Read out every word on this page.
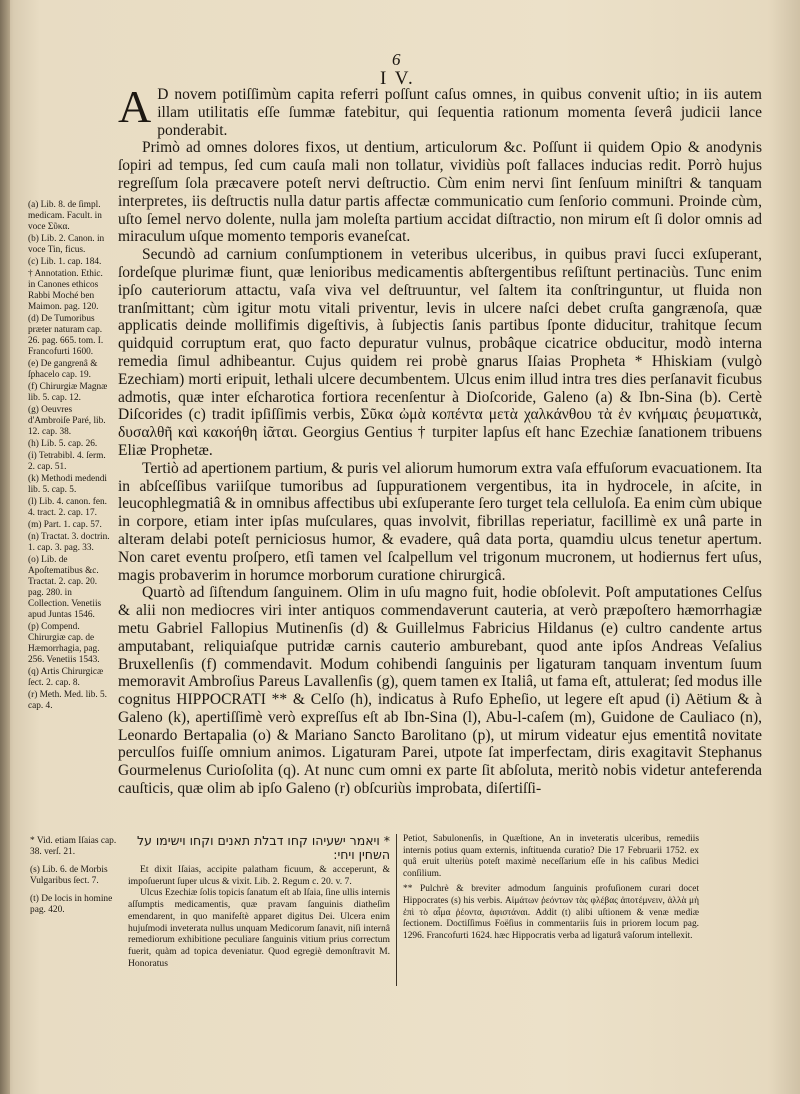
6
I V.
(a) Lib. 8. de ſimpl. medicam. Facult. in voce Σῦκα.
(b) Lib. 2. Canon. in voce Tin, ficus.
(c) Lib. 1. cap. 184.
† Annotation. Ethic. in Canones ethicos Rabbi Moché ben Maimon. pag. 120.
(d) De Tumoribus præter naturam cap. 26. pag. 665. tom. I. Francofurti 1600.
(e) De gangrenâ & ſphacelo cap. 19.
(f) Chirurgiæ Magnæ lib. 5. cap. 12.
(g) Oeuvres d'Ambroiſe Paré, lib. 12. cap. 38.
(h) Lib. 5. cap. 26.
(i) Tetrabibl. 4. ſerm. 2. cap. 51.
(k) Methodi medendi lib. 5. cap. 5.
(l) Lib. 4. canon. fen. 4. tract. 2. cap. 17.
(m) Part. 1. cap. 57.
(n) Tractat. 3. doctrin. 1. cap. 3. pag. 33.
(o) Lib. de Apoſtematibus &c. Tractat. 2. cap. 20. pag. 280. in Collection. Venetiis apud Juntas 1546.
(p) Compend. Chirurgiæ cap. de Hæmorrhagia, pag. 256. Venetiis 1543.
(q) Artis Chirurgicæ ſect. 2. cap. 8.
(r) Meth. Med. lib. 5. cap. 4.

A D novem potiſſimùm capita referri poſſunt caſus omnes, in quibus convenit uſtio; in iis autem illam utilitatis eſſe ſummæ fatebitur, qui ſequentia rationum momenta ſeverâ judicii lance ponderabit.

Primò ad omnes dolores fixos, ut dentium, articulorum &c. Poſſunt ii quidem Opio & anodynis ſopiri ad tempus, ſed cum cauſa mali non tollatur, vividiùs poſt fallaces inducias redit. Porrò hujus regreſſum ſola præcavere poteſt nervi deſtructio. Cùm enim nervi ſint ſenſuum miniſtri & tanquam interpretes, iis deſtructis nulla datur partis affectæ communicatio cum ſenſorio communi. Proinde cùm, uſto ſemel nervo dolente, nulla jam moleſta partium accidat diſtractio, non mirum eſt ſi dolor omnis ad miraculum uſque momento temporis evaneſcat.

Secundò ad carnium conſumptionem in veteribus ulceribus, in quibus pravi ſucci exſuperant, ſordeſque plurimæ fiunt, quæ lenioribus medicamentis abſtergentibus reſiſtunt pertinaciùs. Tunc enim ipſo cauteriorum attactu, vaſa viva vel deſtruuntur, vel ſaltem ita conſtringuntur, ut fluida non tranſmittant; cùm igitur motu vitali priventur, levis in ulcere naſci debet cruſta gangrænoſa, quæ applicatis deinde mollifimis digeſtivis, à ſubjectis ſanis partibus ſponte diducitur, trahitque ſecum quidquid corruptum erat, quo facto depuratur vulnus, probâque cicatrice obducitur, modò interna remedia ſimul adhibeantur. Cujus quidem rei probè gnarus Iſaias Propheta * Hhiskiam (vulgò Ezechiam) morti eripuit, lethali ulcere decumbentem. Ulcus enim illud intra tres dies perſanavit ficubus admotis, quæ inter eſcharotica fortiora recenſentur à Dioſcoride, Galeno (a) & Ibn-Sina (b). Certè Diſcorides (c) tradit ipſiſſimis verbis, Σῦκα ὠμὰ κοπέντα μετὰ χαλκάνθου τὰ ἐν κνήμαις ῥευματικὰ, δυσαλθῆ καὶ κακοήθη ἰᾶται. Georgius Gentius † turpiter lapſus eſt hanc Ezechiæ ſanationem tribuens Eliæ Prophetæ.

Tertiò ad apertionem partium, & puris vel aliorum humorum extra vaſa effuſorum evacuationem. Ita in abſceſſibus variiſque tumoribus ad ſuppurationem vergentibus, ita in hydrocele, in aſcite, in leucophlegmatiâ & in omnibus affectibus ubi exſuperante ſero turget tela celluloſa. Ea enim cùm ubique in corpore, etiam inter ipſas muſculares, quas involvit, fibrillas reperiatur, facillimè ex unâ parte in alteram delabi poteſt perniciosus humor, & evadere, quâ data porta, quamdiu ulcus tenetur apertum. Non caret eventu proſpero, etſi tamen vel ſcalpellum vel trigonum mucronem, ut hodiernus fert uſus, magis probaverim in horumce morborum curatione chirurgicâ.

Quartò ad ſiſtendum ſanguinem. Olim in uſu magno fuit, hodie obſolevit. Poſt amputationes Celſus & alii non mediocres viri inter antiquos commendaverunt cauteria, at verò præpoſtero hæmorrhagiæ metu Gabriel Fallopius Mutinenſis (d) & Guillelmus Fabricius Hildanus (e) cultro candente artus amputabant, reliquiaſque putridæ carnis cauterio amburebant, quod ante ipſos Andreas Veſalius Bruxellenſis (f) commendavit. Modum cohibendi ſanguinis per ligaturam tanquam inventum ſuum memoravit Ambroſius Pareus Lavallenſis (g), quem tamen ex Italiâ, ut fama eſt, attulerat; ſed modus ille cognitus HIPPOCRATI ** & Celſo (h), indicatus à Rufo Epheſio, ut legere eſt apud (i) Aëtium & à Galeno (k), apertiſſimè verò expreſſus eſt ab Ibn-Sina (l), Abu-l-caſem (m), Guidone de Cauliaco (n), Leonardo Bertapalia (o) & Mariano Sancto Barolitano (p), ut mirum videatur ejus ementitâ novitate perculſos fuiſſe omnium animos. Ligaturam Parei, utpote ſat imperfectam, diris exagitavit Stephanus Gourmelenus Curioſolita (q). At nunc cum omni ex parte ſit abſoluta, meritò nobis videtur anteferenda cauſticis, quæ olim ab ipſo Galeno (r) obſcuriùs improbata, diſertiſſi-

* Vid. etiam Iſaias cap. 38. verſ. 21.
(s) Lib. 6. de Morbis Vulgaribus ſect. 7.
(t) De locis in homine pag. 420.
* ויאמר ישעיהו קחו דבלת תאנים וקחו וישימו על השחין ויחי:

Et dixit Iſaias, accipite palatham ficuum, & acceperunt, & impoſuerunt ſuper ulcus & vixit. Lib. 2. Regum c. 20. v. 7.

Ulcus Ezechiæ ſolis topicis ſanatum eſt ab Iſaia, ſine ullis internis aſſumptis medicamentis, quæ pravam ſanguinis diatheſim emendarent, in quo manifeſtè apparet digitus Dei. Ulcera enim hujuſmodi inveterata nullus unquam Medicorum ſanavit, niſi internâ remediorum exhibitione peculiare ſanguinis vitium prius correctum fuerit, quàm ad topica deveniatur. Quod egregiè demonſtravit M. Honoratus

Petiot, Sabulonenſis, in Quæſtione, An in inveteratis ulceribus, remediis internis potius quam externis, inſtituenda curatio? Die 17 Februarii 1752. ex quâ eruit ulteriùs poteſt maximè neceſſarium eſſe in his caſibus Medici conſilium.

** Pulchrè & breviter admodum ſanguinis profuſionem curari docet Hippocrates (s) his verbis. Αἱμάτων ῥεόντων τὰς φλέβας ἀποτέμνειν, ἀλλὰ μὴ ἐπὶ τὸ αἷμα ῥέοντα, ἀφιστάναι. Addit (t) alibi uſtionem & venæ mediæ ſectionem. Doctiſſimus Foëſius in commentariis ſuis in priorem locum pag. 1296. Francofurti 1624. hæc Hippocratis verba ad ligaturâ vaſorum intellexit.
